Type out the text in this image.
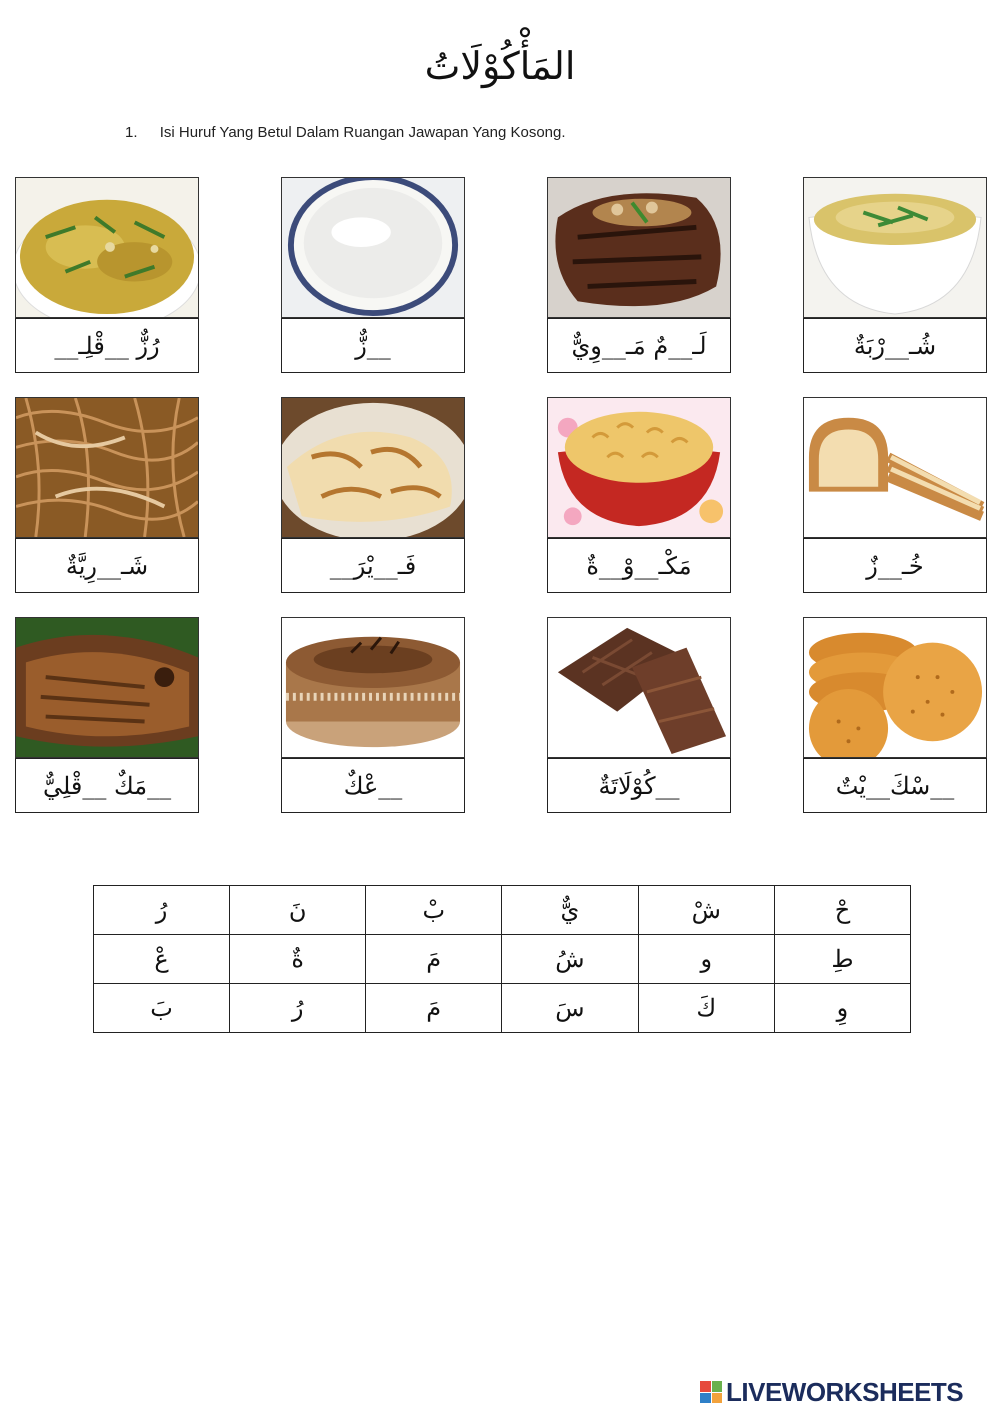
المَأْكُوْلَاتُ
1. Isi Huruf Yang Betul Dalam Ruangan Jawapan Yang Kosong.
رُزٌّ __قْلِـ__	__زٌّ	لَـ__مٌ مَـ__وِيٌّ	شُـ__رْبَةٌ
شَـ__رِيَّةٌ	فَـ__يْرَ__	مَكْـ__وْ__ةٌ	خُـ__زٌ
__مَكٌ __قْلِيٌّ	__عْكٌ	__كُوْلَاتَةٌ	__سْكَ__يْتٌ
حْ	شْ	يٌّ	بْ	نَ	رُ
طِ	و	شُ	مَ	ةٌ	عْ
وِ	كَ	سَ	مَ	رُ	بَ
LIVEWORKSHEETS
